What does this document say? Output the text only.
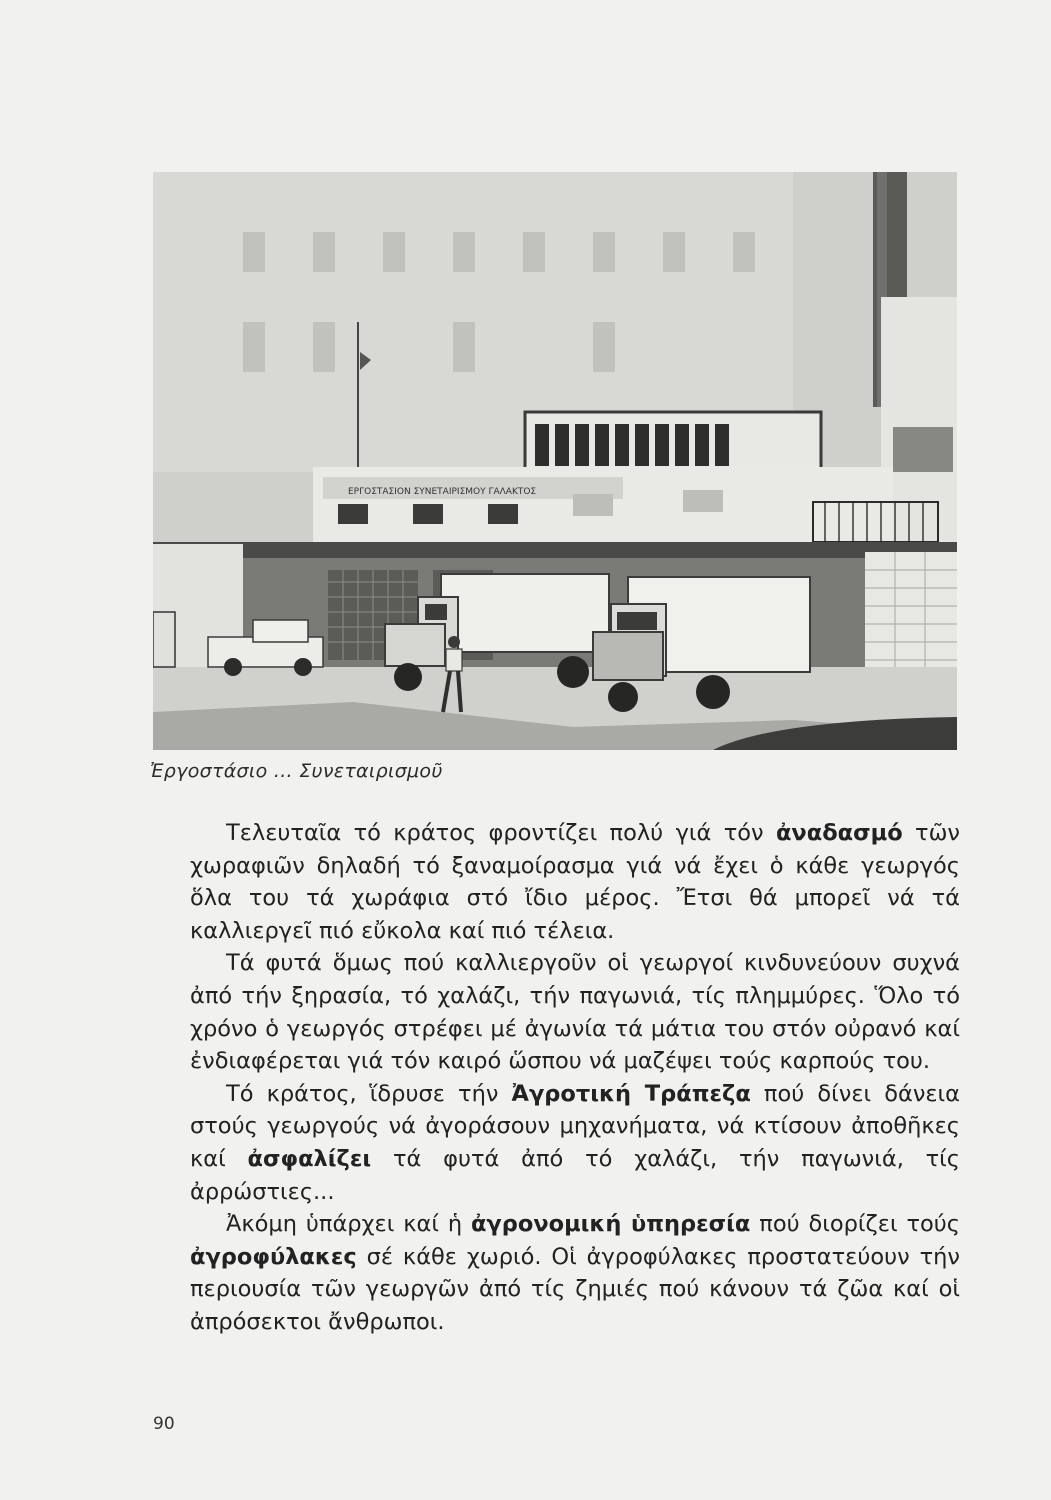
ΕΡΓΟΣΤΑΣΙΟΝ ΣΥΝΕΤΑΙΡΙΣΜΟΥ ΓΑΛΑΚΤΟΣ
Ἐργοστάσιο ... Συνεταιρισμοῦ

Τελευταῖα τό κράτος φροντίζει πολύ γιά τόν ἀναδασμό τῶν χωραφιῶν δηλαδή τό ξαναμοίρασμα γιά νά ἔχει ὁ κάθε γεωργός ὅλα του τά χωράφια στό ἴδιο μέρος. Ἔτσι θά μπορεῖ νά τά καλλιεργεῖ πιό εὔκολα καί πιό τέλεια.

Τά φυτά ὅμως πού καλλιεργοῦν οἱ γεωργοί κινδυνεύουν συχνά ἀπό τήν ξηρασία, τό χαλάζι, τήν παγωνιά, τίς πλημμύρες. Ὅλο τό χρόνο ὁ γεωργός στρέφει μέ ἀγωνία τά μάτια του στόν οὐρανό καί ἐνδιαφέρεται γιά τόν καιρό ὥσπου νά μαζέψει τούς καρπούς του.

Τό κράτος, ἵδρυσε τήν Ἀγροτική Τράπεζα πού δίνει δάνεια στούς γεωργούς νά ἀγοράσουν μηχανήματα, νά κτίσουν ἀποθῆκες καί ἀσφαλίζει τά φυτά ἀπό τό χαλάζι, τήν παγωνιά, τίς ἀρρώστιες...

Ἀκόμη ὑπάρχει καί ἡ ἀγρονομική ὑπηρεσία πού διορίζει τούς ἀγροφύλακες σέ κάθε χωριό. Οἱ ἀγροφύλακες προστατεύουν τήν περιουσία τῶν γεωργῶν ἀπό τίς ζημιές πού κάνουν τά ζῶα καί οἱ ἀπρόσεκτοι ἄνθρωποι.

90
